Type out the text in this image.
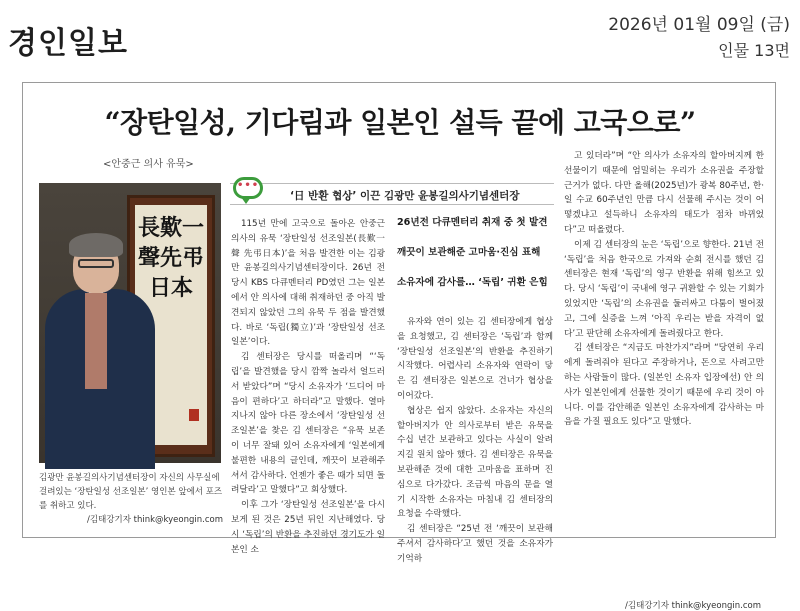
경인일보
2026년 01월 09일 (금)
인물 13면
“장탄일성, 기다림과 일본인 설득 끝에 고국으로”
<안중근 의사 유묵>
長歎一聲先弔日本
김광만 윤봉길의사기념센터장이 자신의 사무실에 걸려있는 ‘장탄일성 선조일본’ 영인본 앞에서 포즈를 취하고 있다.
/김태강기자 think@kyeongin.com
‘日 반환 협상’ 이끈 김광만 윤봉길의사기념센터장
•••

115년 만에 고국으로 돌아온 안중근 의사의 유묵 ‘장탄일성 선조일본(長歎一聲 先弔日本)’을 처음 발견한 이는 김광만 윤봉길의사기념센터장이다. 26년 전 당시 KBS 다큐멘터리 PD였던 그는 일본에서 안 의사에 대해 취재하던 중 아직 발견되지 않았던 그의 유묵 두 점을 발견했다. 바로 ‘독립(獨立)’과 ‘장탄일성 선조일본’이다.

김 센터장은 당시를 떠올리며 “‘독립’을 발견했을 당시 깜짝 놀라서 얼드러서 받았다”며 “당시 소유자가 ‘드디어 마음이 편하다’고 하더라”고 말했다. 열마 지나지 않아 다른 장소에서 ‘장탄일성 선조일본’을 찾은 김 센터장은 “유묵 보존이 너무 잘돼 있어 소유자에게 ‘일본에게 불편한 내용의 글인데, 깨끗이 보관해주셔서 감사하다. 언젠가 좋은 때가 되면 돌려달라’고 말했다”고 회상했다.

이후 그가 ‘장탄일성 선조일본’을 다시 보게 된 것은 25년 뒤인 지난해였다. 당시 ‘독립’의 반환을 추진하던 경기도가 일본인 소

26년전 다큐멘터리 취재 중 첫 발견
깨끗이 보관해준 고마움·진심 표해
소유자에 감사를… ‘독립’ 귀환 은힘

유자와 연이 있는 김 센터장에게 협상을 요청했고, 김 센터장은 ‘독립’과 함께 ‘장탄일성 선조일본’의 반환을 추진하기 시작했다. 어렵사리 소유자와 연락이 닿은 김 센터장은 일본으로 건너가 협상을 이어갔다.

협상은 쉽지 않았다. 소유자는 자신의 할아버지가 안 의사로부터 받은 유묵을 수십 년간 보관하고 있다는 사실이 알려지길 원치 않아 했다. 김 센터장은 유묵을 보관해준 것에 대한 고마움을 표하며 진심으로 다가갔다. 조금씩 마음의 문을 열기 시작한 소유자는 마침내 김 센터장의 요청을 수락했다.

김 센터장은 “25년 전 ‘깨끗이 보관해주셔서 감사하다’고 했던 것을 소유자가 기억하

고 있더라”며 “안 의사가 소유자의 할아버지께 한 선물이기 때문에 엄밀히는 우리가 소유권을 주장할 근거가 없다. 다만 올해(2025년)가 광복 80주년, 한·일 수교 60주년인 만큼 다시 선물해 주시는 것이 어떻겠냐고 설득하니 소유자의 태도가 점차 바뀌었다”고 떠올렸다.

이제 김 센터장의 눈은 ‘독립’으로 향한다. 21년 전 ‘독립’을 처음 한국으로 가져와 순회 전시를 했던 김 센터장은 현재 ‘독립’의 영구 반환을 위해 힘쓰고 있다. 당시 ‘독립’이 국내에 영구 귀환할 수 있는 기회가 있었지만 ‘독립’의 소유권을 둘러싸고 다툼이 벌어졌고, 그에 실증을 느껴 ‘아직 우리는 받을 자격이 없다’고 판단해 소유자에게 돌려줬다고 한다.

김 센터장은 “지금도 마찬가지”라며 “당연히 우리에게 돌려줘야 된다고 주장하거나, 돈으로 사려고만 하는 사람들이 많다. (일본인 소유자 입장에선) 안 의사가 일본인에게 선물한 것이기 때문에 우리 것이 아니다. 이를 감안해준 일본인 소유자에게 감사하는 마음을 가질 필요도 있다”고 말했다.

/김태강기자 think@kyeongin.com
